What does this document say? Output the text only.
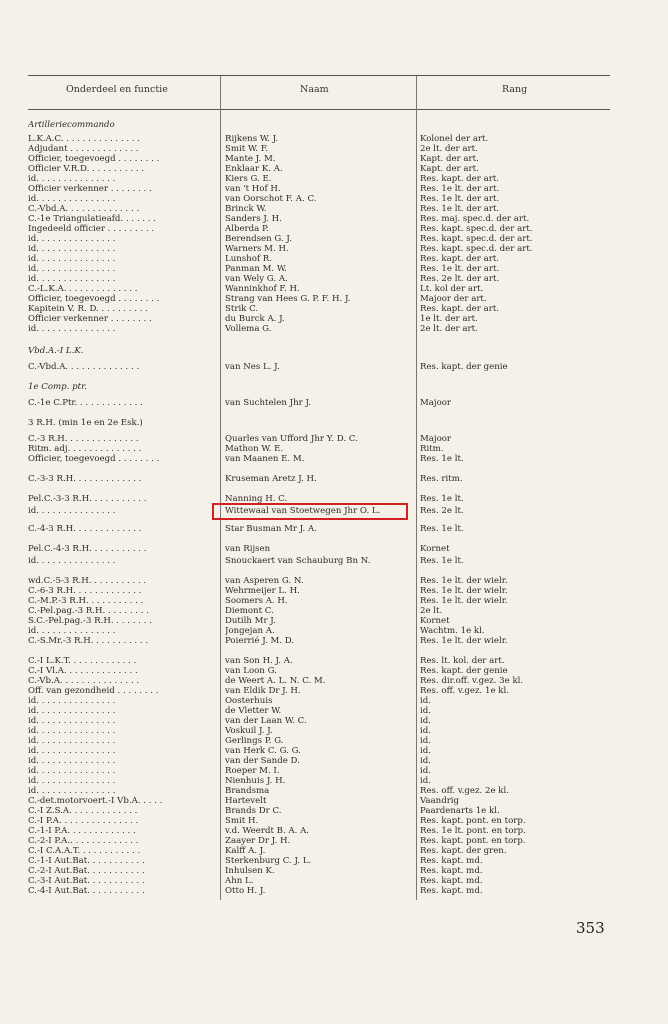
Onderdeel en functie	Naam	Rang
Artilleriecommando
L.K.A.C. . . . . . . . . . . . . . .	Rijkens W. J.	Kolonel der art.
Adjudant . . . . . . . . . . . . .	Smit W. F.	2e lt. der art.
Officier, toegevoegd . . . . . . . .	Mante J. M.	Kapt. der art.
Officier V.R.D. . . . . . . . . . .	Enklaar K. A.	Kapt. der art.
id. . . . . . . . . . . . . . .	Kiers G. E.	Res. kapt. der art.
Officier verkenner . . . . . . . .	van 't Hof H.	Res. 1e lt. der art.
id. . . . . . . . . . . . . . .	van Oorschot F. A. C.	Res. 1e lt. der art.
C.-Vbd.A. . . . . . . . . . . . . .	Brinck W.	Res. 1e lt. der art.
C.-1e Triangulatieafd. . . . . . .	Sanders J. H.	Res. maj. spec.d. der art.
Ingedeeld officier . . . . . . . . .	Alberda P.	Res. kapt. spec.d. der art.
id. . . . . . . . . . . . . . .	Berendsen G. J.	Res. kapt. spec.d. der art.
id. . . . . . . . . . . . . . .	Warners M. H.	Res. kapt. spec.d. der art.
id. . . . . . . . . . . . . . .	Lunshof R.	Res. kapt. der art.
id. . . . . . . . . . . . . . .	Panman M. W.	Res. 1e lt. der art.
id. . . . . . . . . . . . . . .	van Wely G. A.	Res. 2e lt. der art.
C.-L.K.A. . . . . . . . . . . . . .	Wanninkhof F. H.	Lt. kol der art.
Officier, toegevoegd . . . . . . . .	Strang van Hees G. P. F. H. J.	Majoor der art.
Kapitein V. R. D. . . . . . . . . .	Strik C.	Res. kapt. der art.
Officier verkenner . . . . . . . .	du Burck A. J.	1e lt. der art.
id. . . . . . . . . . . . . . .	Vollema G.	2e lt. der art.
Vbd.A.-I L.K.
C.-Vbd.A. . . . . . . . . . . . . .	van Nes L. J.	Res. kapt. der genie
1e Comp. ptr.
C.-1e C.Ptr. . . . . . . . . . . . .	van Suchtelen Jhr J.	Majoor
3 R.H. (min 1e en 2e Esk.)
C.-3 R.H. . . . . . . . . . . . . .	Quarles van Ufford Jhr Y. D. C.	Majoor
Ritm. adj. . . . . . . . . . . . . .	Mathon W. E.	Ritm.
Officier, toegevoegd . . . . . . . .	van Maanen E. M.	Res. 1e lt.
C.-3-3 R.H. . . . . . . . . . . . .	Kruseman Aretz J. H.	Res. ritm.
Pel.C.-3-3 R.H. . . . . . . . . . .	Nanning H. C.	Res. 1e lt.
id. . . . . . . . . . . . . . .	Wittewaal van Stoetwegen Jhr O. L.	Res. 2e lt.
C.-4-3 R.H. . . . . . . . . . . . .	Star Busman Mr J. A.	Res. 1e lt.
Pel.C.-4-3 R.H. . . . . . . . . . .	van Rijsen	Kornet
id. . . . . . . . . . . . . . .	Snouckaert van Schauburg Bn N.	Res. 1e lt.
wd.C.-5-3 R.H. . . . . . . . . . .	van Asperen G. N.	Res. 1e lt. der wielr.
C.-6-3 R.H. . . . . . . . . . . . .	Wehrmeijer L. H.	Res. 1e lt. der wielr.
C.-M.P.-3 R.H. . . . . . . . . . .	Soomers A. H.	Res. 1e lt. der wielr.
C.-Pel.pag.-3 R.H. . . . . . . . .	Diemont C.	2e lt.
S.C.-Pel.pag.-3 R.H. . . . . . . .	Dutilh Mr J.	Kornet
id. . . . . . . . . . . . . . .	Jongejan A.	Wachtm. 1e kl.
C.-S.Mr.-3 R.H. . . . . . . . . . .	Poierrié J. M. D.	Res. 1e lt. der wielr.
C.-I L.K.T. . . . . . . . . . . . .	van Son H. J. A.	Res. lt. kol. der art.
C.-I Vl.A. . . . . . . . . . . . . .	van Loon G.	Res. kapt. der genie
C.-Vb.A. . . . . . . . . . . . . . .	de Weert A. L. N. C. M.	Res. dir.off. v.gez. 3e kl.
Off. van gezondheid . . . . . . . .	van Eldik Dr J. H.	Res. off. v.gez. 1e kl.
id. . . . . . . . . . . . . . .	Oosterhuis	id.
id. . . . . . . . . . . . . . .	de Vletter W.	id.
id. . . . . . . . . . . . . . .	van der Laan W. C.	id.
id. . . . . . . . . . . . . . .	Voskuil J. J.	id.
id. . . . . . . . . . . . . . .	Gerlings P. G.	id.
id. . . . . . . . . . . . . . .	van Herk C. G. G.	id.
id. . . . . . . . . . . . . . .	van der Sande D.	id.
id. . . . . . . . . . . . . . .	Roeper M. I.	id.
id. . . . . . . . . . . . . . .	Nienhuis J. H.	id.
id. . . . . . . . . . . . . . .	Brandsma	Res. off. v.gez. 2e kl.
C.-det.motorvoert.-I Vb.A. . . . .	Hartevelt	Vaandrig
C.-I Z.S.A. . . . . . . . . . . . .	Brands Dr C.	Paardenarts 1e kl.
C.-I P.A. . . . . . . . . . . . . . .	Smit H.	Res. kapt. pont. en torp.
C.-1-I P.A. . . . . . . . . . . . .	v.d. Weerdt B. A. A.	Res. 1e lt. pont. en torp.
C.-2-I P.A.. . . . . . . . . . . . .	Zaayer Dr J. H.	Res. kapt. pont. en torp.
C.-I C.A.A.T. . . . . . . . . . . .	Kalff A. J.	Res. kapt. der gren.
C.-1-I Aut.Bat. . . . . . . . . . .	Sterkenburg C. J. L.	Res. kapt. md.
C.-2-I Aut.Bat. . . . . . . . . . .	Inhulsen K.	Res. kapt. md.
C.-3-I Aut.Bat. . . . . . . . . . .	Ahn L.	Res. kapt. md.
C.-4-I Aut.Bat. . . . . . . . . . .	Otto H. J.	Res. kapt. md.
353
